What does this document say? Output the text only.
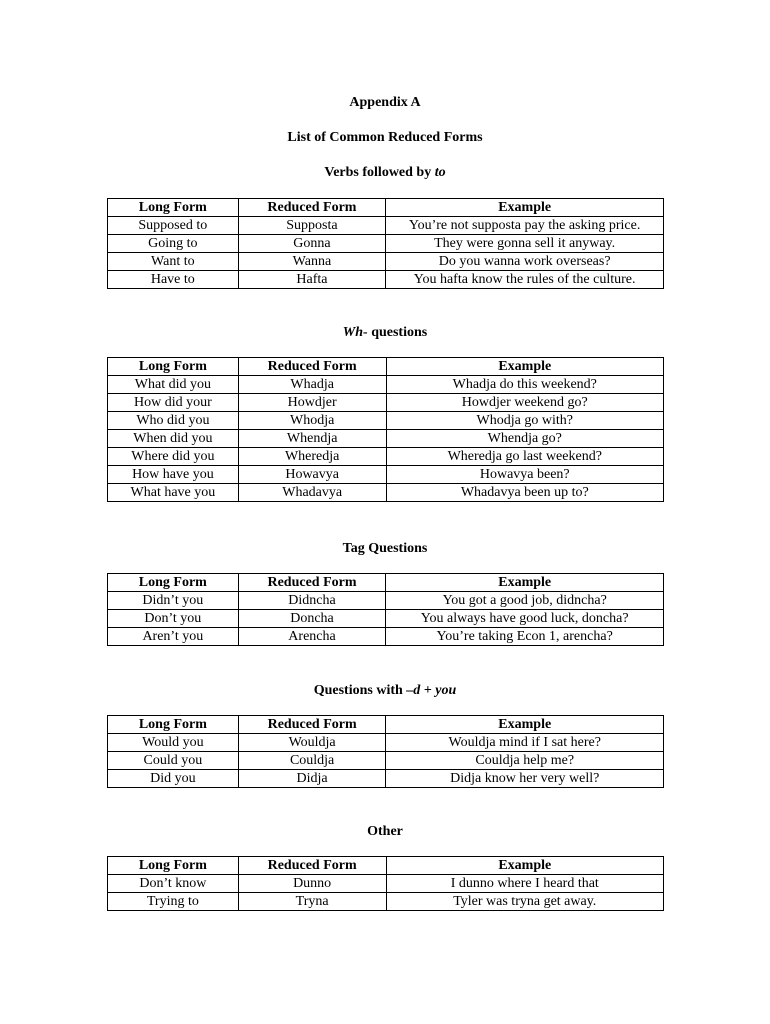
Appendix A
List of Common Reduced Forms
Verbs followed by to
Long Form	Reduced Form	Example
Supposed to	Supposta	You’re not supposta pay the asking price.
Going to	Gonna	They were gonna sell it anyway.
Want to	Wanna	Do you wanna work overseas?
Have to	Hafta	You hafta know the rules of the culture.
Wh- questions
Long Form	Reduced Form	Example
What did you	Whadja	Whadja do this weekend?
How did your	Howdjer	Howdjer weekend go?
Who did you	Whodja	Whodja go with?
When did you	Whendja	Whendja go?
Where did you	Wheredja	Wheredja go last weekend?
How have you	Howavya	Howavya been?
What have you	Whadavya	Whadavya been up to?
Tag Questions
Long Form	Reduced Form	Example
Didn’t you	Didncha	You got a good job, didncha?
Don’t you	Doncha	You always have good luck, doncha?
Aren’t you	Arencha	You’re taking Econ 1, arencha?
Questions with –d + you
Long Form	Reduced Form	Example
Would you	Wouldja	Wouldja mind if I sat here?
Could you	Couldja	Couldja help me?
Did you	Didja	Didja know her very well?
Other
Long Form	Reduced Form	Example
Don’t know	Dunno	I dunno where I heard that
Trying to	Tryna	Tyler was tryna get away.
